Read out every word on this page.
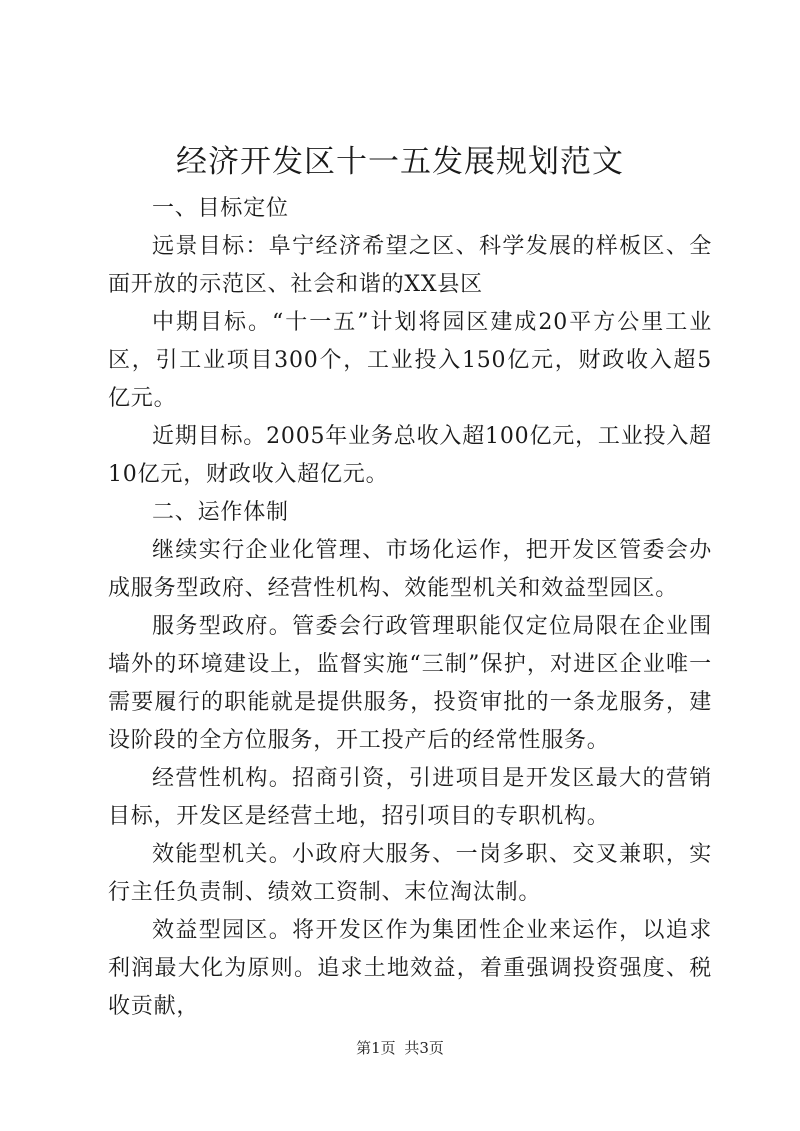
经济开发区十一五发展规划范文

一、目标定位

远景目标：阜宁经济希望之区、科学发展的样板区、全面开放的示范区、社会和谐的XX县区

中期目标。“十一五”计划将园区建成20平方公里工业区，引工业项目300个，工业投入150亿元，财政收入超5亿元。

近期目标。2005年业务总收入超100亿元，工业投入超10亿元，财政收入超亿元。

二、运作体制

继续实行企业化管理、市场化运作，把开发区管委会办成服务型政府、经营性机构、效能型机关和效益型园区。

服务型政府。管委会行政管理职能仅定位局限在企业围墙外的环境建设上，监督实施“三制”保护，对进区企业唯一需要履行的职能就是提供服务，投资审批的一条龙服务，建设阶段的全方位服务，开工投产后的经常性服务。

经营性机构。招商引资，引进项目是开发区最大的营销目标，开发区是经营土地，招引项目的专职机构。

效能型机关。小政府大服务、一岗多职、交叉兼职，实行主任负责制、绩效工资制、末位淘汰制。

效益型园区。将开发区作为集团性企业来运作，以追求利润最大化为原则。追求土地效益，着重强调投资强度、税收贡献，

第1页 共3页
